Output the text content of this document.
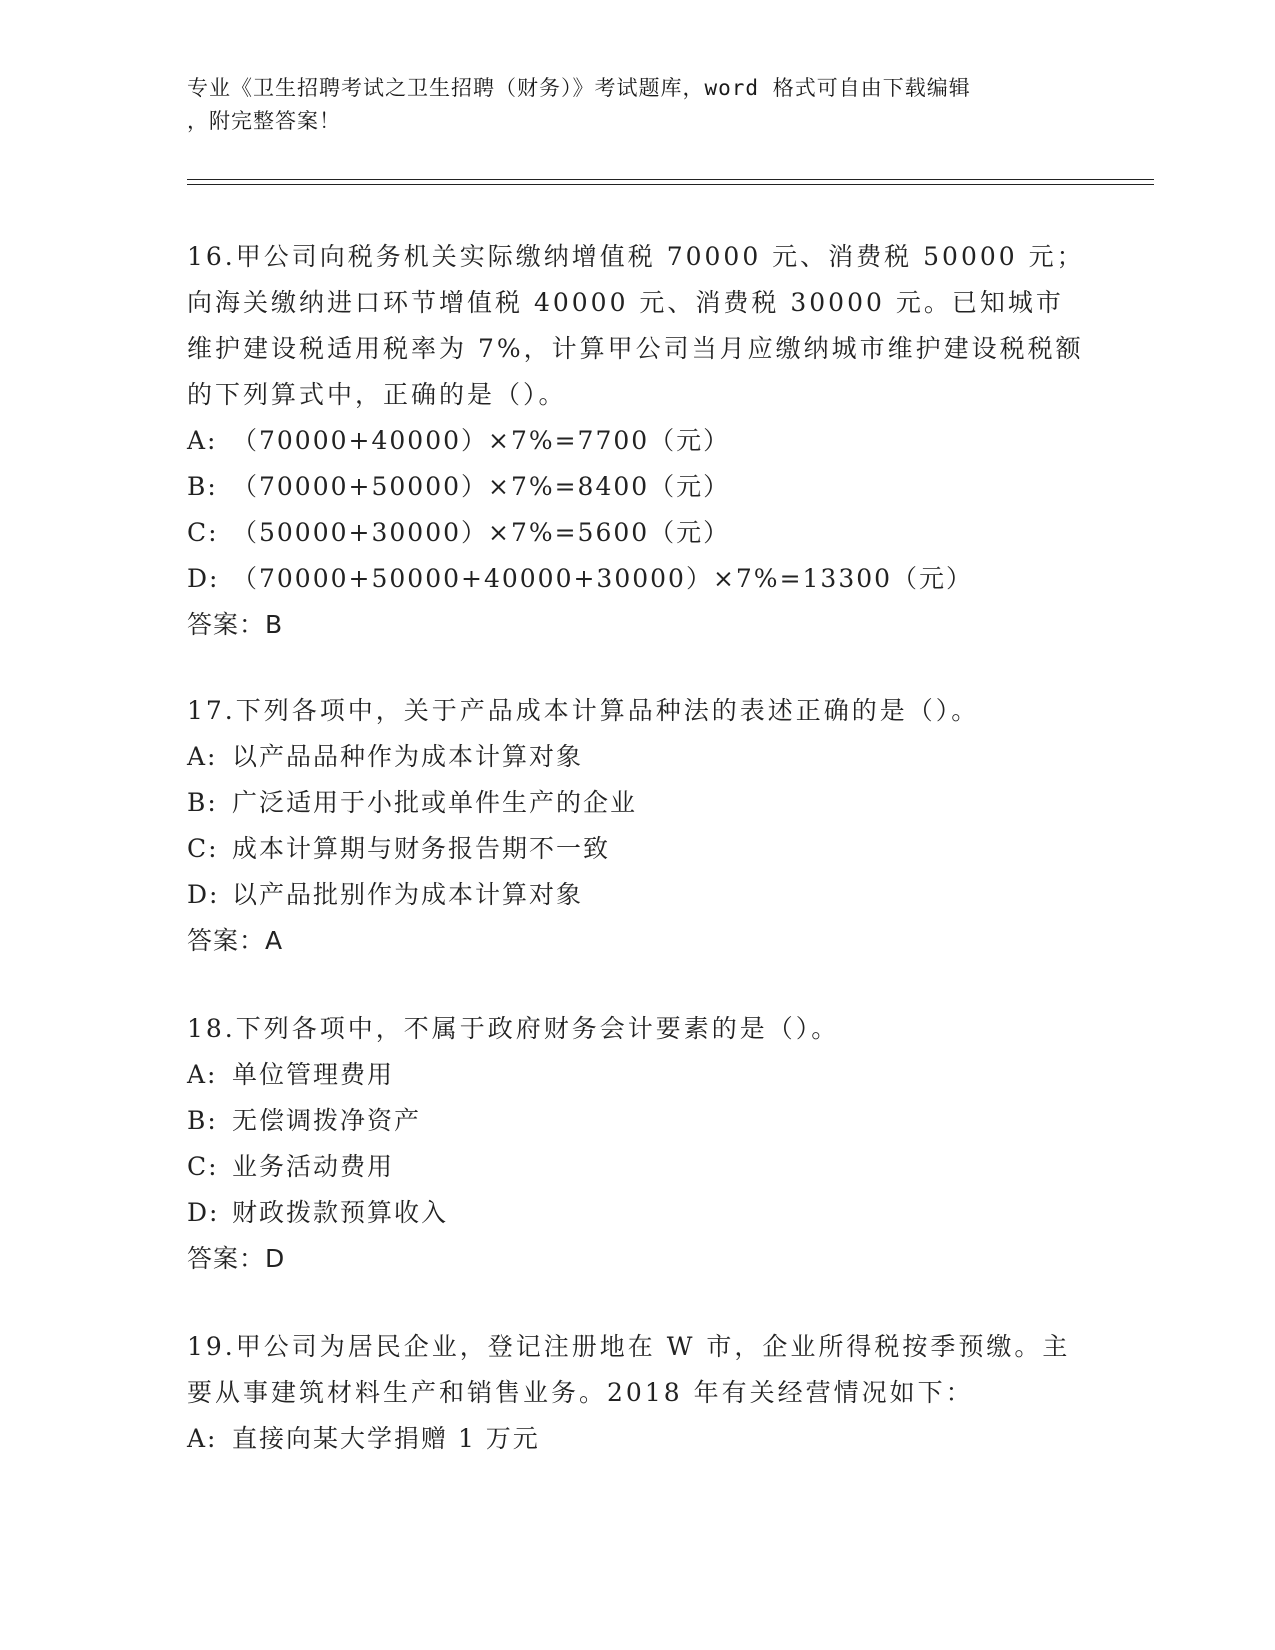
专业《卫生招聘考试之卫生招聘（财务）》考试题库，word 格式可自由下载编辑
，附完整答案！

16.甲公司向税务机关实际缴纳增值税 70000 元、消费税 50000 元；向海关缴纳进口环节增值税 40000 元、消费税 30000 元。已知城市维护建设税适用税率为 7%，计算甲公司当月应缴纳城市维护建设税税额的下列算式中，正确的是（）。

A: （70000+40000）×7%=7700（元）

B: （70000+50000）×7%=8400（元）

C: （50000+30000）×7%=5600（元）

D: （70000+50000+40000+30000）×7%=13300（元）

答案：B

17.下列各项中，关于产品成本计算品种法的表述正确的是（）。

A: 以产品品种作为成本计算对象

B: 广泛适用于小批或单件生产的企业

C: 成本计算期与财务报告期不一致

D: 以产品批别作为成本计算对象

答案：A

18.下列各项中，不属于政府财务会计要素的是（）。

A: 单位管理费用

B: 无偿调拨净资产

C: 业务活动费用

D: 财政拨款预算收入

答案：D

19.甲公司为居民企业，登记注册地在 W 市，企业所得税按季预缴。主要从事建筑材料生产和销售业务。2018 年有关经营情况如下：

A: 直接向某大学捐赠 1 万元
